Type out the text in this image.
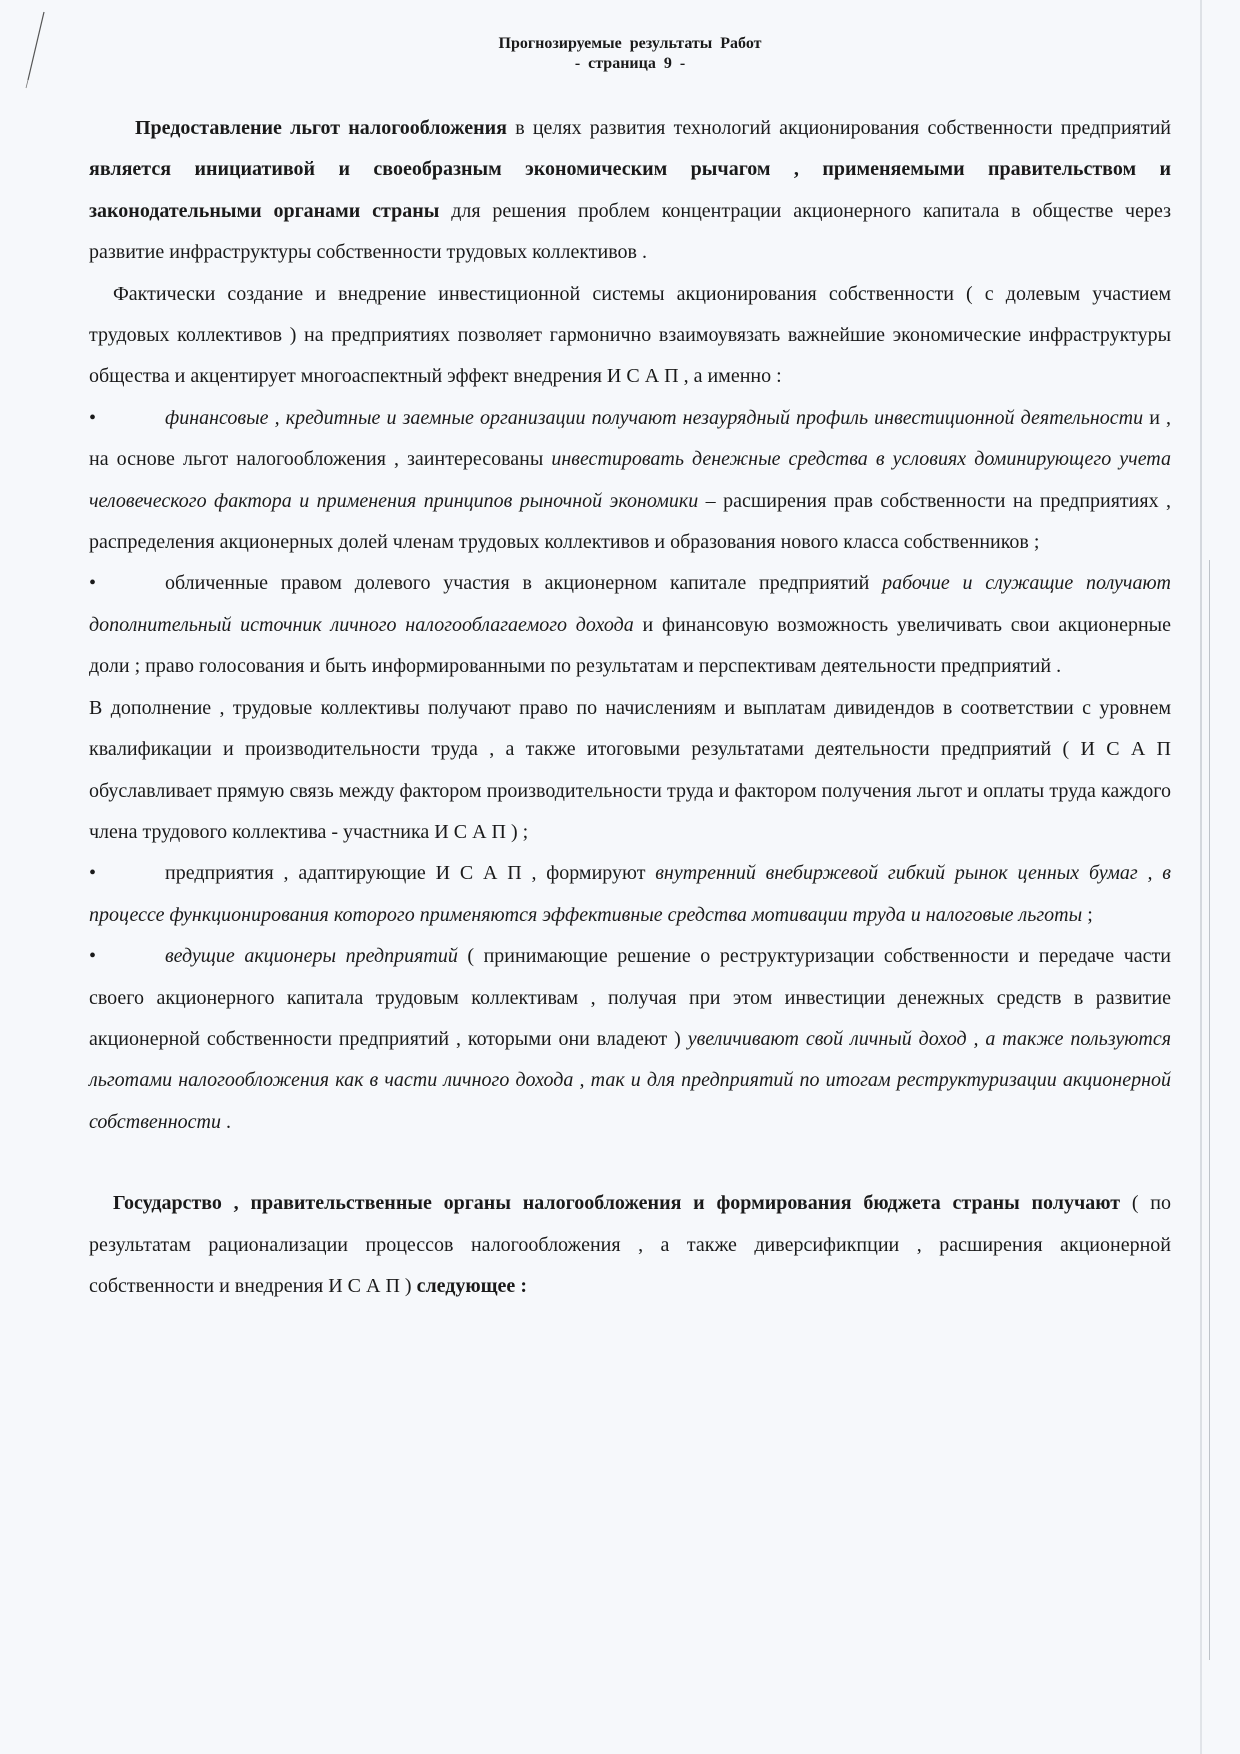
Прогнозируемые  результаты  Работ
-  страница  9  -

Предоставление льгот налогообложения в целях развития технологий акционирования собственности предприятий является инициативой и своеобразным экономическим рычагом , применяемыми правительством и законодательными органами страны для решения проблем концентрации акционерного капитала в обществе через развитие инфраструктуры собственности трудовых коллективов .

Фактически создание и внедрение инвестиционной системы акционирования собственности ( с долевым участием трудовых коллективов ) на предприятиях позволяет гармонично взаимоувязать важнейшие экономические инфраструктуры общества и акцентирует многоаспектный эффект внедрения И С А П , а именно :

•	финансовые , кредитные и заемные организации получают незаурядный профиль инвестиционной деятельности и , на основе льгот налогообложения , заинтересованы инвестировать денежные средства в условиях доминирующего учета человеческого фактора и применения принципов рыночной экономики – расширения прав собственности на предприятиях , распределения акционерных долей членам трудовых коллективов и образования нового класса собственников ;

•	обличенные правом долевого участия в акционерном капитале предприятий рабочие и служащие получают дополнительный источник личного налогооблагаемого дохода и финансовую возможность увеличивать свои акционерные доли ; право голосования и быть информированными по результатам и перспективам деятельности предприятий .

В дополнение , трудовые коллективы получают право по начислениям и выплатам дивидендов в соответствии с уровнем квалификации и производительности труда , а также итоговыми результатами деятельности предприятий ( И С А П обуславливает прямую связь между фактором производительности труда и фактором получения льгот и оплаты труда каждого члена трудового коллектива - участника И С А П ) ;

•	предприятия , адаптирующие И С А П , формируют внутренний внебиржевой гибкий рынок ценных бумаг , в процессе функционирования которого применяются эффективные средства мотивации труда и налоговые льготы ;

•	ведущие акционеры предприятий ( принимающие решение о реструктуризации собственности и передаче части своего акционерного капитала трудовым коллективам , получая при этом инвестиции денежных средств в развитие акционерной собственности предприятий , которыми они владеют ) увеличивают свой личный доход , а также пользуются льготами налогообложения как в части личного дохода , так и для предприятий по итогам реструктуризации акционерной собственности .

Государство , правительственные органы налогообложения и формирования бюджета страны получают ( по результатам рационализации процессов налогообложения , а также диверсификпции , расширения акционерной собственности и внедрения И С А П ) следующее :
